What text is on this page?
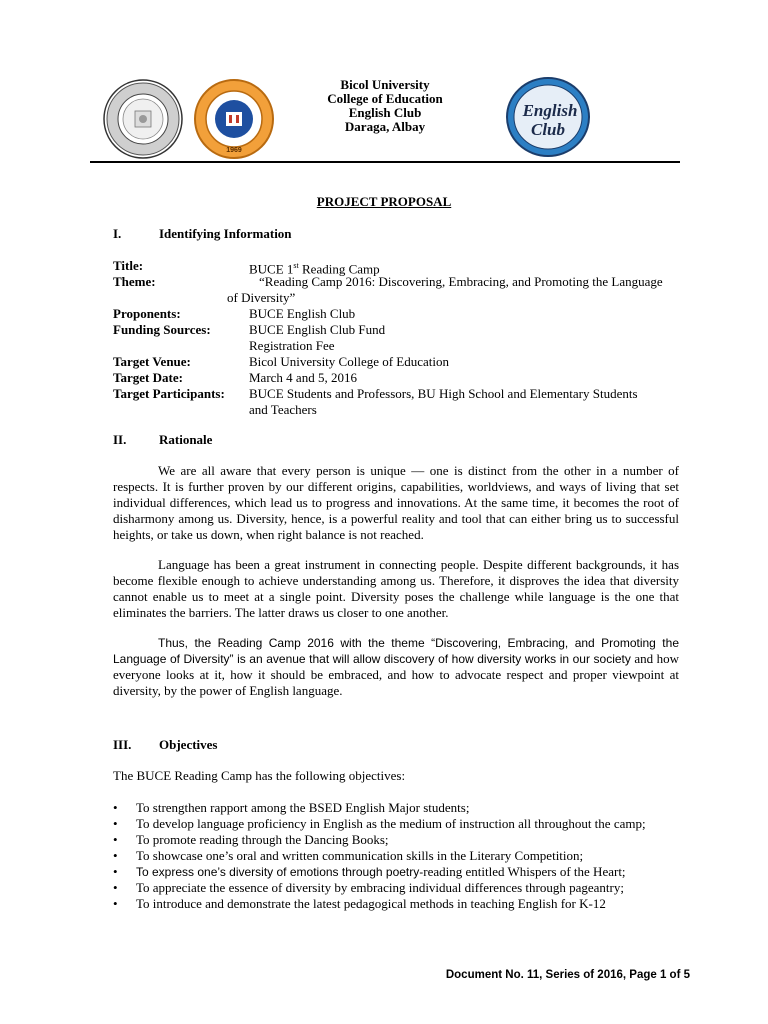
1969
English
Club
Bicol University
College of Education
English Club
Daraga, Albay
PROJECT PROPOSAL
I.	Identifying Information
Title:	BUCE 1st Reading Camp
Theme:	“Reading Camp 2016: Discovering, Embracing, and Promoting the Language
of Diversity”
Proponents:	BUCE English Club
Funding Sources:	BUCE English Club Fund
Registration Fee
Target Venue:	Bicol University College of Education
Target Date:	March 4 and 5, 2016
Target Participants: BUCE Students and Professors, BU High School and Elementary Students
and Teachers
II.	Rationale

We are all aware that every person is unique — one is distinct from the other in a number of respects. It is further proven by our different origins, capabilities, worldviews, and ways of living that set individual differences, which lead us to progress and innovations. At the same time, it becomes the root of disharmony among us. Diversity, hence, is a powerful reality and tool that can either bring us to successful heights, or take us down, when right balance is not reached.

Language has been a great instrument in connecting people. Despite different backgrounds, it has become flexible enough to achieve understanding among us. Therefore, it disproves the idea that diversity cannot enable us to meet at a single point. Diversity poses the challenge while language is the one that eliminates the barriers. The latter draws us closer to one another.

Thus, the Reading Camp 2016 with the theme “Discovering, Embracing, and Promoting the Language of Diversity” is an avenue that will allow discovery of how diversity works in our society and how everyone looks at it, how it should be embraced, and how to advocate respect and proper viewpoint at diversity, by the power of English language.

III. Objectives
The BUCE Reading Camp has the following objectives:
• To strengthen rapport among the BSED English Major students;
• To develop language proficiency in English as the medium of instruction all throughout the camp;
• To promote reading through the Dancing Books;
• To showcase one’s oral and written communication skills in the Literary Competition;
• To express one’s diversity of emotions through poetry-reading entitled Whispers of the Heart;
• To appreciate the essence of diversity by embracing individual differences through pageantry;
• To introduce and demonstrate the latest pedagogical methods in teaching English for K-12
Document No. 11, Series of 2016, Page 1 of 5
